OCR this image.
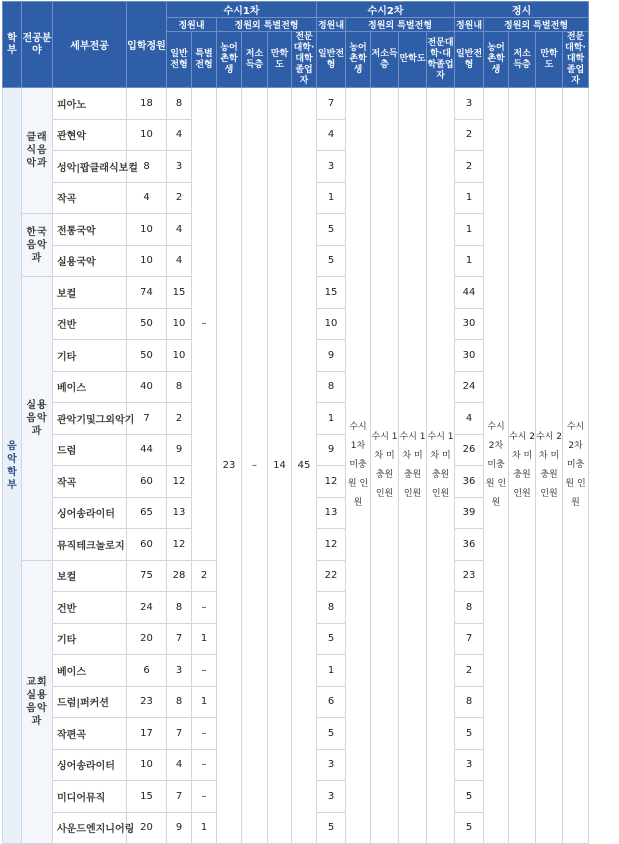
학부	전공분야	세부전공	입학정원	수시1차						수시2차					정시				
				정원내		정원외 특별전형				정원내	정원외 특별전형				정원내	정원외 특별전형			
				일반전형	특별전형	농어촌학생	저소득층	만학도	전문대학·대학졸업자	일반전형	농어촌학생	저소득층	만학도	전문대학·대학졸업자	일반전형	농어촌학생	저소득층	만학도	전문대학·대학졸업자
음악학부	클래식음악과	피아노	18	8	–	23	–	14	45	7	수시 1차 미충원 인원	수시 1차 미충원 인원	수시 1차 미충원 인원	수시 1차 미충원 인원	3	수시 2차 미충원 인원	수시 2차 미충원 인원	수시 2차 미충원 인원	수시 2차 미충원 인원
		관현악	10	4						4					2				
		성악|팝클래식보컬	8	3						3					2				
		작곡	4	2						1					1				
	한국음악과	전통국악	10	4						5					1				
		실용국악	10	4						5					1				
	실용음악과	보컬	74	15						15					44				
		건반	50	10						10					30				
		기타	50	10						9					30				
		베이스	40	8						8					24				
		관악기및그외악기	7	2						1					4				
		드럼	44	9						9					26				
		작곡	60	12						12					36				
		싱어송라이터	65	13						13					39				
		뮤직테크놀로지	60	12						12					36				
	교회실용음악과	보컬	75	28	2					22					23				
		건반	24	8	–					8					8				
		기타	20	7	1					5					7				
		베이스	6	3	–					1					2				
		드럼|퍼커션	23	8	1					6					8				
		작편곡	17	7	–					5					5				
		싱어송라이터	10	4	–					3					3				
		미디어뮤직	15	7	–					3					5				
		사운드엔지니어링	20	9	1					5					5				
